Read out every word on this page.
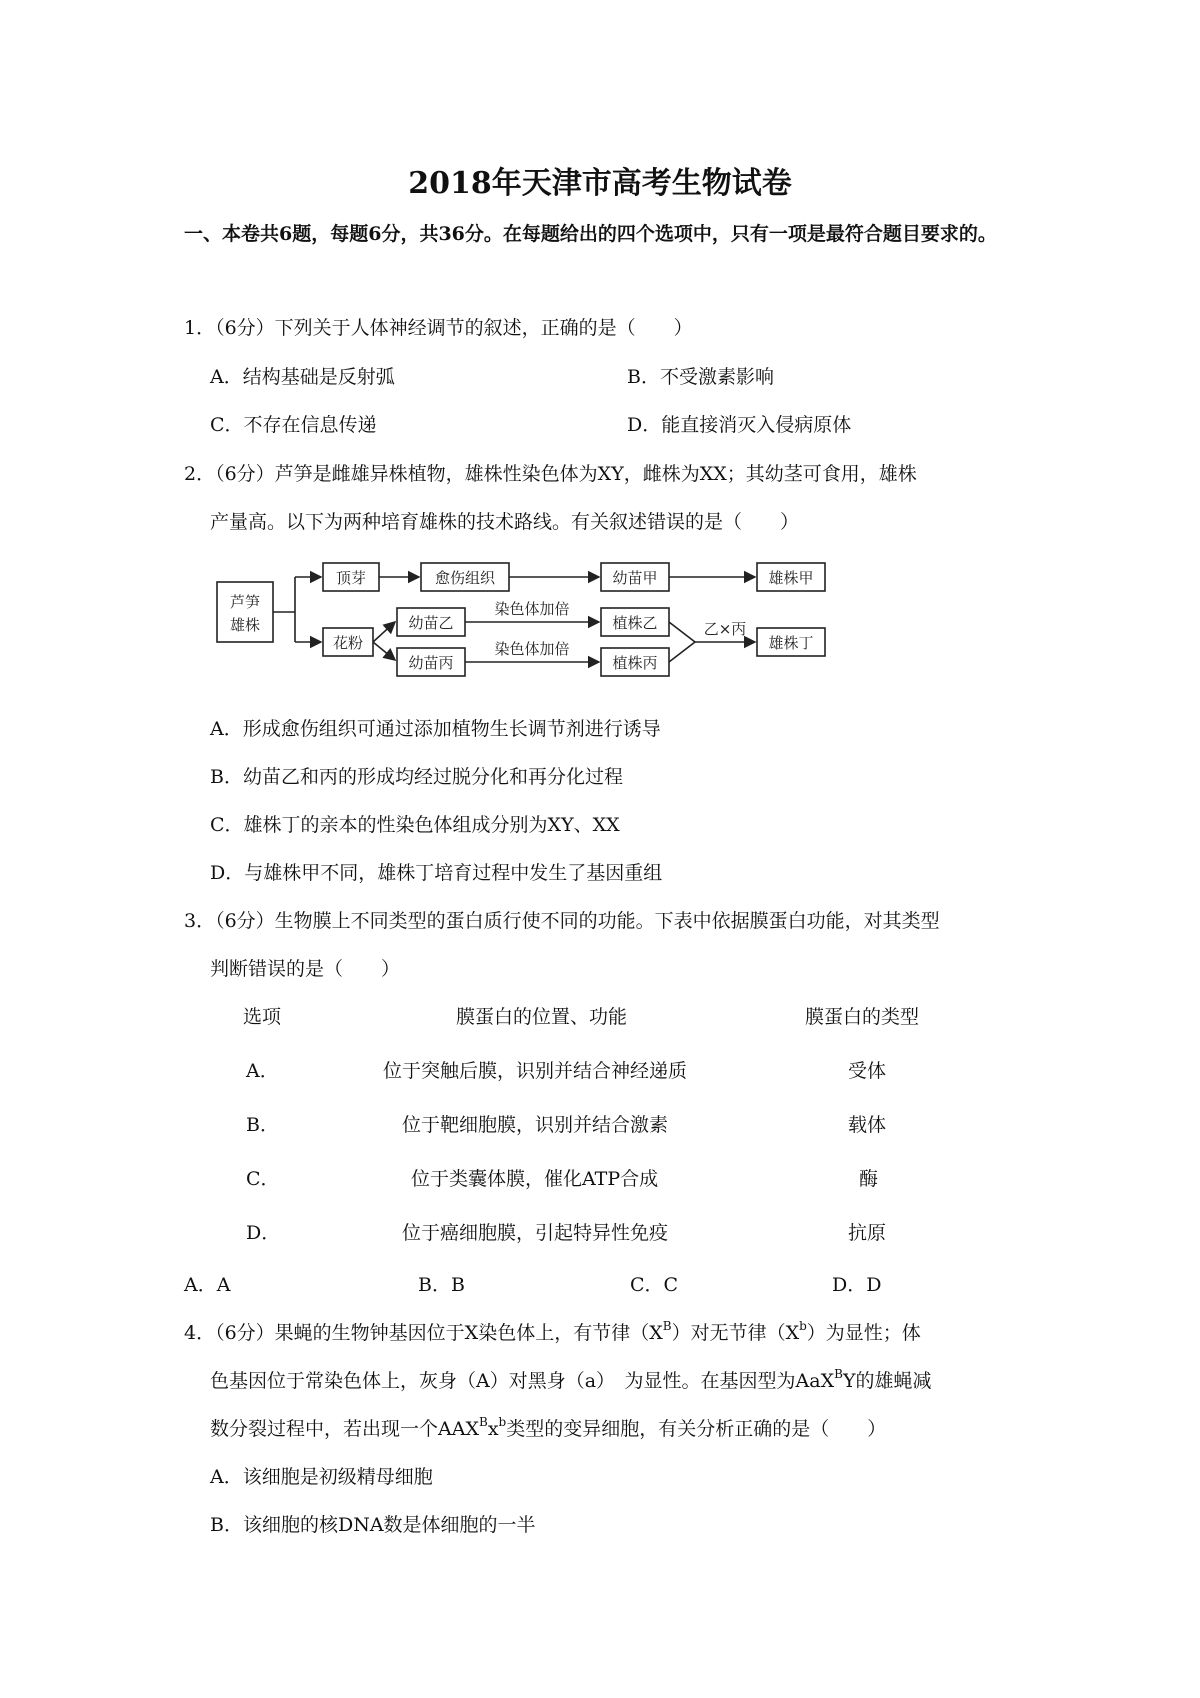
2018年天津市高考生物试卷
一、本卷共6题，每题6分，共36分。在每题给出的四个选项中，只有一项是最符合题目要求的。
1．（6分）下列关于人体神经调节的叙述，正确的是（　　）
A．结构基础是反射弧	B．不受激素影响
C．不存在信息传递	D．能直接消灭入侵病原体
2．（6分）芦笋是雌雄异株植物，雄株性染色体为XY，雌株为XX；其幼茎可食用，雄株
产量高。以下为两种培育雄株的技术路线。有关叙述错误的是（　　）
芦笋
雄株
顶芽	愈伤组织	幼苗甲	雄株甲
花粉
幼苗乙
染色体加倍
植株乙
幼苗丙
染色体加倍
植株丙
乙×丙
雄株丁
A．形成愈伤组织可通过添加植物生长调节剂进行诱导
B．幼苗乙和丙的形成均经过脱分化和再分化过程
C．雄株丁的亲本的性染色体组成分别为XY、XX
D．与雄株甲不同，雄株丁培育过程中发生了基因重组
3．（6分）生物膜上不同类型的蛋白质行使不同的功能。下表中依据膜蛋白功能，对其类型
判断错误的是（　　）
选项	膜蛋白的位置、功能	膜蛋白的类型
A．	位于突触后膜，识别并结合神经递质	受体
B．	位于靶细胞膜，识别并结合激素	载体
C．	位于类囊体膜，催化ATP合成	酶
D．	位于癌细胞膜，引起特异性免疫	抗原
A．A	B．B	C．C	D．D
4．（6分）果蝇的生物钟基因位于X染色体上，有节律$(X^B)$对无节律$(X^b)$为显性；体
色基因位于常染色体上，灰身（A）对黑身（a）　为显性。在基因型为AaX$^B$Y的雄蝇减
数分裂过程中，若出现一个$AAX^Bx^b$类型的变异细胞，有关分析正确的是（　　）
A．该细胞是初级精母细胞
B．该细胞的核DNA数是体细胞的一半
